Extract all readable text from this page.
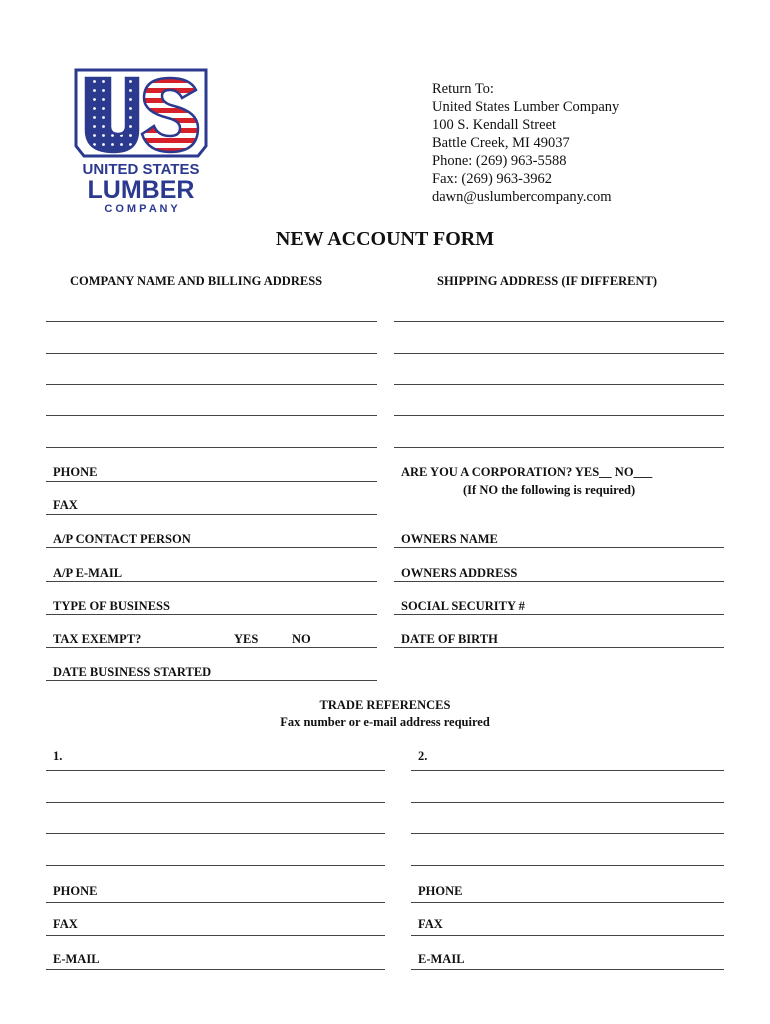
UNITED STATES
LUMBER
C O M P A N Y
Return To:
United States Lumber Company
100 S. Kendall Street
Battle Creek, MI 49037
Phone: (269) 963-5588
Fax: (269) 963-3962
dawn@uslumbercompany.com
NEW ACCOUNT FORM
COMPANY NAME AND BILLING ADDRESS	SHIPPING ADDRESS (IF DIFFERENT)
PHONE
FAX
A/P CONTACT PERSON
A/P E-MAIL
TYPE OF BUSINESS
TAX EXEMPT?	YES	NO
DATE BUSINESS STARTED
ARE YOU A CORPORATION? YES__ NO___
(If NO the following is required)
OWNERS NAME
OWNERS ADDRESS
SOCIAL SECURITY #
DATE OF BIRTH
TRADE REFERENCES
Fax number or e-mail address required
1.
PHONE
FAX
E-MAIL
2.
PHONE
FAX
E-MAIL
